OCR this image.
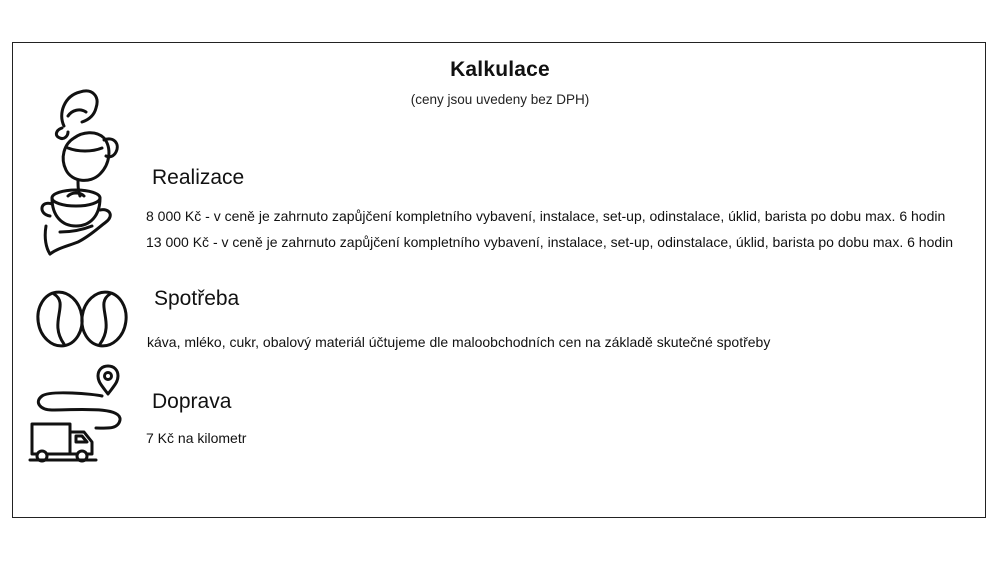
Kalkulace
(ceny jsou uvedeny bez DPH)
Realizace
8 000 Kč - v ceně je zahrnuto zapůjčení kompletního vybavení, instalace, set-up, odinstalace, úklid, barista po dobu max. 6 hodin
13 000 Kč - v ceně je zahrnuto zapůjčení kompletního vybavení, instalace, set-up, odinstalace, úklid, barista po dobu max. 6 hodin
Spotřeba
káva, mléko, cukr, obalový materiál účtujeme dle maloobchodních cen na základě skutečné spotřeby
Doprava
7 Kč na kilometr
